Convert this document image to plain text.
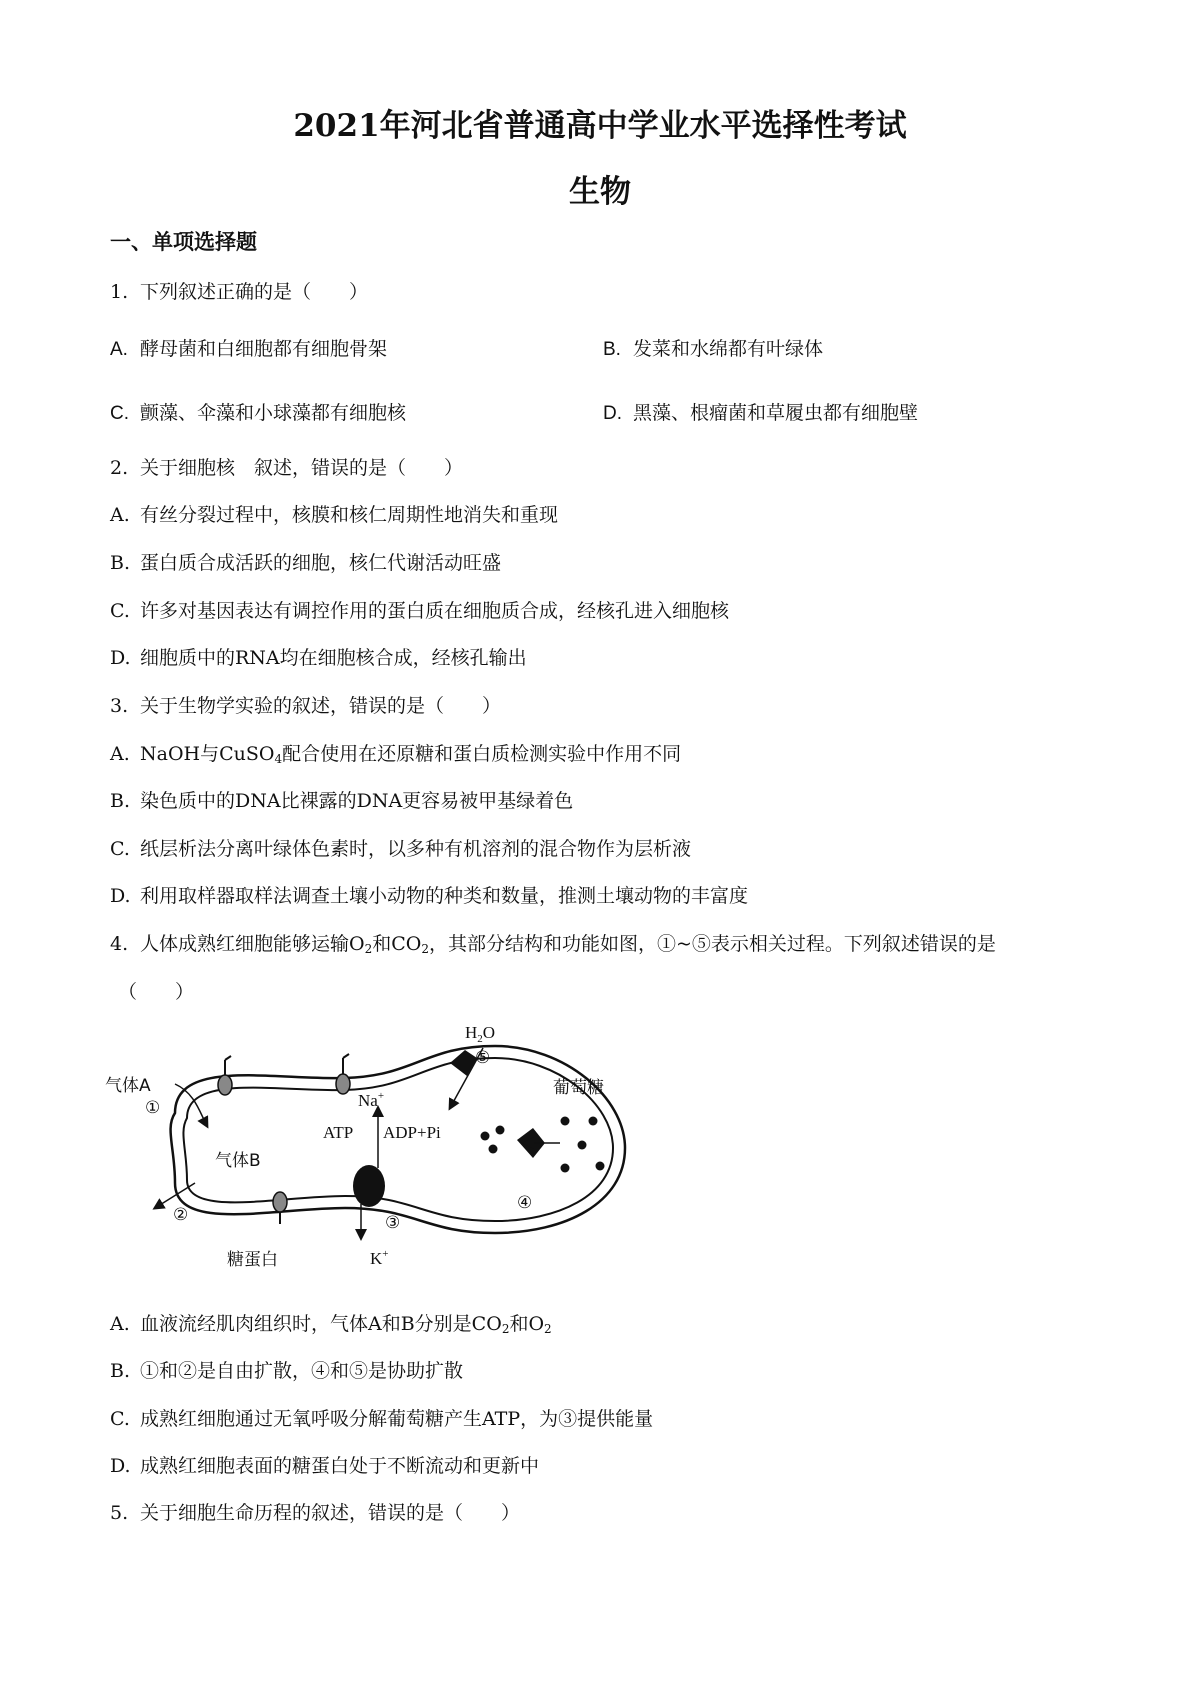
2021年河北省普通高中学业水平选择性考试
生物
一、单项选择题
1. 下列叙述正确的是（　　）
A. 酵母菌和白细胞都有细胞骨架	B. 发菜和水绵都有叶绿体
C. 颤藻、伞藻和小球藻都有细胞核	D. 黑藻、根瘤菌和草履虫都有细胞壁
2. 关于细胞核　叙述，错误的是（　　）
A. 有丝分裂过程中，核膜和核仁周期性地消失和重现
B. 蛋白质合成活跃的细胞，核仁代谢活动旺盛
C. 许多对基因表达有调控作用的蛋白质在细胞质合成，经核孔进入细胞核
D. 细胞质中的RNA均在细胞核合成，经核孔输出
3. 关于生物学实验的叙述，错误的是（　　）
A. NaOH与CuSO$_4$配合使用在还原糖和蛋白质检测实验中作用不同
B. 染色质中的DNA比裸露的DNA更容易被甲基绿着色
C. 纸层析法分离叶绿体色素时，以多种有机溶剂的混合物作为层析液
D. 利用取样器取样法调查土壤小动物的种类和数量，推测土壤动物的丰富度
4. 人体成熟红细胞能够运输$O_2$和$CO_2$，其部分结构和功能如图，①~⑤表示相关过程。下列叙述错误的是
（　　）
气体A
①
气体B
②
糖蛋白
$H_2O$
⑤
葡萄糖
④
Na+
ATP ADP+Pi
③
K+
A. 血液流经肌肉组织时，气体A和B分别是$CO_2$和$O_2$
B. ①和②是自由扩散，④和⑤是协助扩散
C. 成熟红细胞通过无氧呼吸分解葡萄糖产生ATP，为③提供能量
D. 成熟红细胞表面的糖蛋白处于不断流动和更新中
5. 关于细胞生命历程的叙述，错误的是（　　）
